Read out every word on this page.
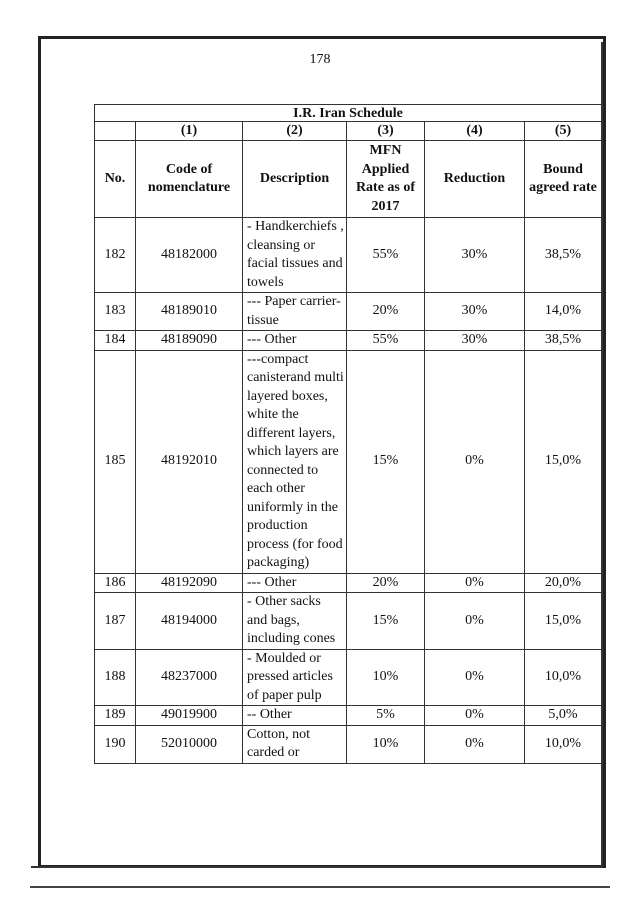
178
I.R. Iran Schedule					
	(1)	(2)	(3)	(4)	(5)
No.	Code of nomenclature	Description	MFN Applied Rate as of 2017	Reduction	Bound agreed rate
182	48182000	- Handkerchiefs , cleansing or facial tissues and towels	55%	30%	38,5%
183	48189010	--- Paper carrier-tissue	20%	30%	14,0%
184	48189090	--- Other	55%	30%	38,5%
185	48192010	---compact canisterand multi layered boxes, white the different layers, which layers are connected to each other uniformly in the production process (for food packaging)	15%	0%	15,0%
186	48192090	--- Other	20%	0%	20,0%
187	48194000	- Other sacks and bags, including cones	15%	0%	15,0%
188	48237000	- Moulded or pressed articles of paper pulp	10%	0%	10,0%
189	49019900	-- Other	5%	0%	5,0%
190	52010000	Cotton, not carded or	10%	0%	10,0%
